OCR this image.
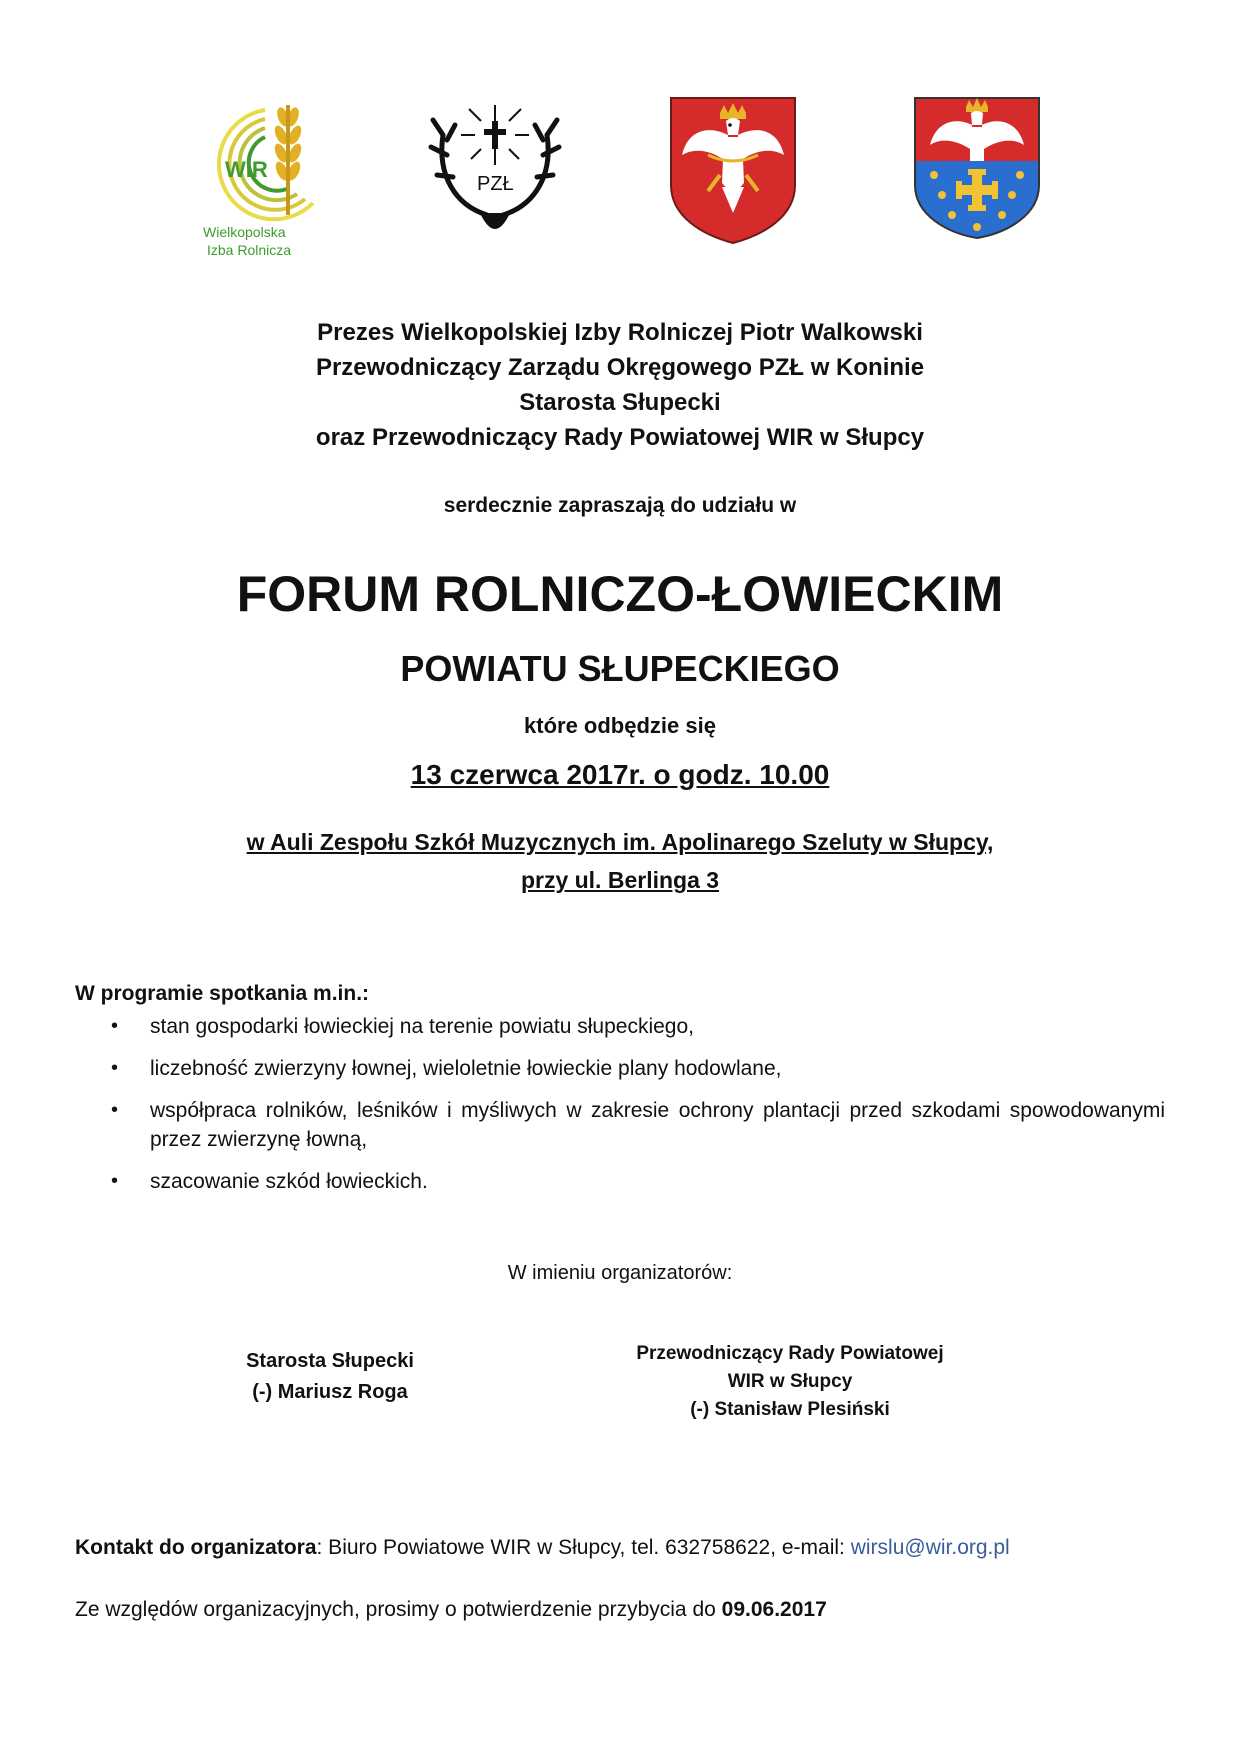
WIR
Wielkopolska
Izba Rolnicza
PZŁ
Prezes Wielkopolskiej Izby Rolniczej Piotr Walkowski
Przewodniczący Zarządu Okręgowego PZŁ w Koninie
Starosta Słupecki
oraz Przewodniczący Rady Powiatowej WIR w Słupcy
serdecznie zapraszają do udziału w
FORUM ROLNICZO-ŁOWIECKIM
POWIATU SŁUPECKIEGO
które odbędzie się
13 czerwca 2017r. o godz. 10.00
w Auli Zespołu Szkół Muzycznych im. Apolinarego Szeluty w Słupcy,
przy ul. Berlinga 3
W programie spotkania m.in.:
• stan gospodarki łowieckiej na terenie powiatu słupeckiego,
• liczebność zwierzyny łownej, wieloletnie łowieckie plany hodowlane,
• współpraca rolników, leśników i myśliwych w zakresie ochrony plantacji przed szkodami spowodowanymi przez zwierzynę łowną,
• szacowanie szkód łowieckich.
W imieniu organizatorów:
Starosta Słupecki
(-) Mariusz Roga
Przewodniczący Rady Powiatowej
WIR w Słupcy
(-) Stanisław Plesiński
Kontakt do organizatora: Biuro Powiatowe WIR w Słupcy, tel. 632758622, e-mail: wirslu@wir.org.pl
Ze względów organizacyjnych, prosimy o potwierdzenie przybycia do 09.06.2017
